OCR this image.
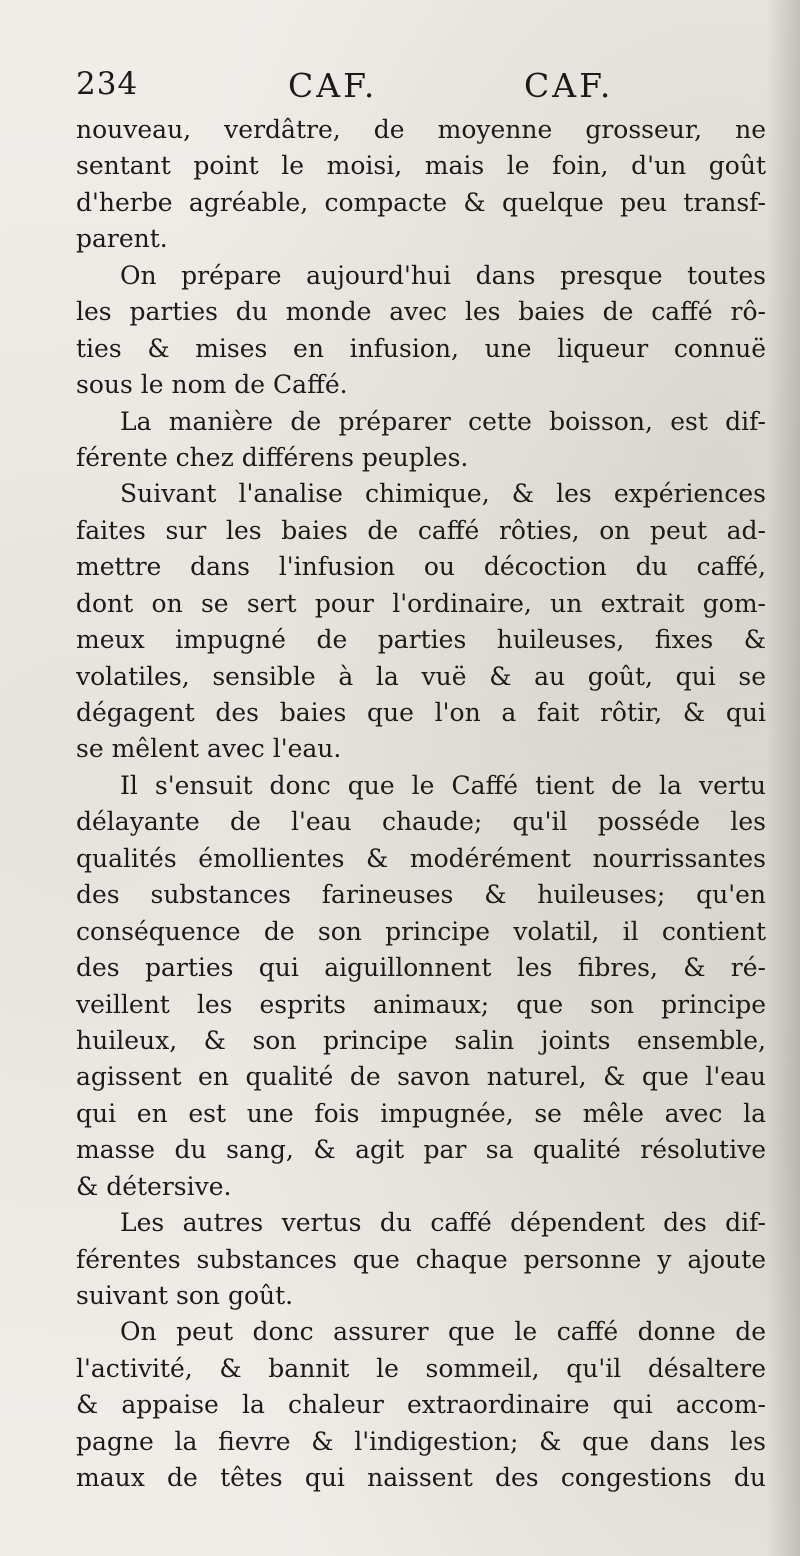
234	CAF.	CAF.
nouveau, verdâtre, de moyenne grosseur, ne
sentant point le moisi, mais le foin, d'un goût
d'herbe agréable, compacte & quelque peu transf-
parent.
On prépare aujourd'hui dans presque toutes
les parties du monde avec les baies de caffé rô-
ties & mises en infusion, une liqueur connuë
sous le nom de Caffé.
La manière de préparer cette boisson, est dif-
férente chez différens peuples.
Suivant l'analise chimique, & les expériences
faites sur les baies de caffé rôties, on peut ad-
mettre dans l'infusion ou décoction du caffé,
dont on se sert pour l'ordinaire, un extrait gom-
meux impugné de parties huileuses, fixes &
volatiles, sensible à la vuë & au goût, qui se
dégagent des baies que l'on a fait rôtir, & qui
se mêlent avec l'eau.
Il s'ensuit donc que le Caffé tient de la vertu
délayante de l'eau chaude; qu'il posséde les
qualités émollientes & modérément nourrissantes
des substances farineuses & huileuses; qu'en
conséquence de son principe volatil, il contient
des parties qui aiguillonnent les fibres, & ré-
veillent les esprits animaux; que son principe
huileux, & son principe salin joints ensemble,
agissent en qualité de savon naturel, & que l'eau
qui en est une fois impugnée, se mêle avec la
masse du sang, & agit par sa qualité résolutive
& détersive.
Les autres vertus du caffé dépendent des dif-
férentes substances que chaque personne y ajoute
suivant son goût.
On peut donc assurer que le caffé donne de
l'activité, & bannit le sommeil, qu'il désaltere
& appaise la chaleur extraordinaire qui accom-
pagne la fievre & l'indigestion; & que dans les
maux de têtes qui naissent des congestions du
